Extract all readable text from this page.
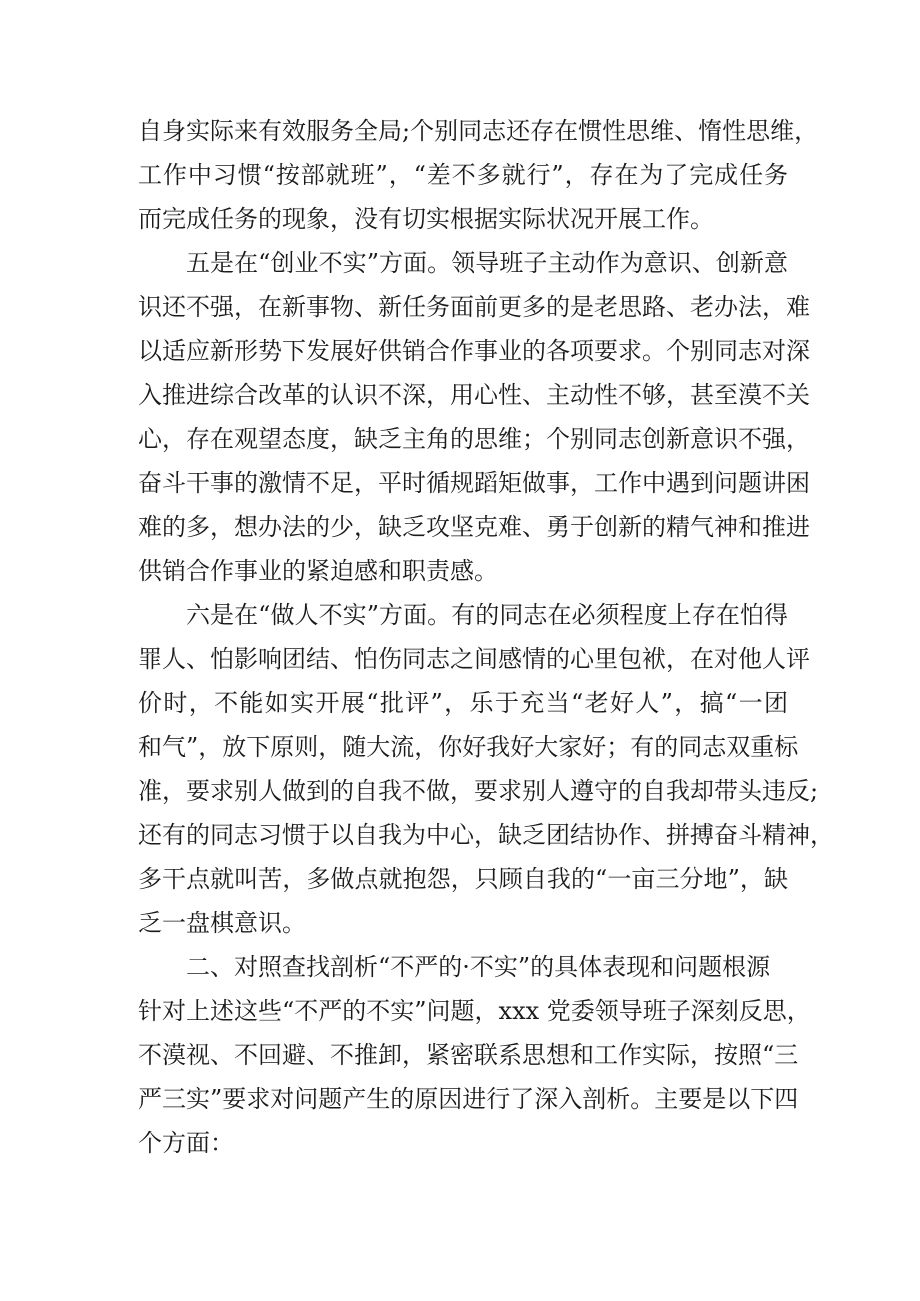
自身实际来有效服务全局;个别同志还存在惯性思维、惰性思维，
工作中习惯“按部就班”，“差不多就行”，存在为了完成任务
而完成任务的现象，没有切实根据实际状况开展工作。

五是在“创业不实”方面。领导班子主动作为意识、创新意
识还不强，在新事物、新任务面前更多的是老思路、老办法，难
以适应新形势下发展好供销合作事业的各项要求。个别同志对深
入推进综合改革的认识不深，用心性、主动性不够，甚至漠不关
心，存在观望态度，缺乏主角的思维；个别同志创新意识不强，
奋斗干事的激情不足，平时循规蹈矩做事，工作中遇到问题讲困
难的多，想办法的少，缺乏攻坚克难、勇于创新的精气神和推进
供销合作事业的紧迫感和职责感。

六是在“做人不实”方面。有的同志在必须程度上存在怕得
罪人、怕影响团结、怕伤同志之间感情的心里包袱，在对他人评
价时，不能如实开展“批评”，乐于充当“老好人”，搞“一团
和气”，放下原则，随大流，你好我好大家好；有的同志双重标
准，要求别人做到的自我不做，要求别人遵守的自我却带头违反;
还有的同志习惯于以自我为中心，缺乏团结协作、拼搏奋斗精神，
多干点就叫苦，多做点就抱怨，只顾自我的“一亩三分地”，缺
乏一盘棋意识。

二、对照查找剖析“不严的·不实”的具体表现和问题根源

针对上述这些“不严的不实”问题，xxx 党委领导班子深刻反思，
不漠视、不回避、不推卸，紧密联系思想和工作实际，按照“三
严三实”要求对问题产生的原因进行了深入剖析。主要是以下四
个方面：
